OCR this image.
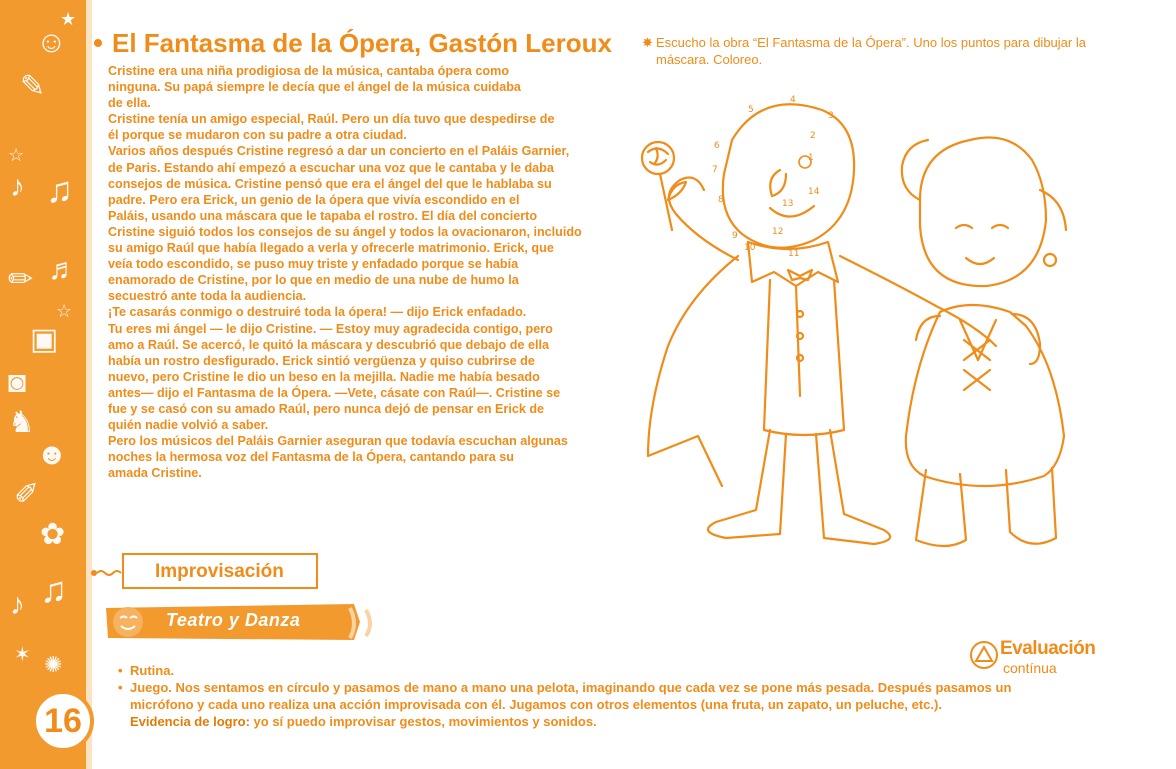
☺
★
✎
☆
♪ ♫
♬
✏
☆
▣
◙
♞
☻
✐
✿
♫
♪
✶ ✺
16
El Fantasma de la Ópera, Gastón Leroux

Cristine era una niña prodigiosa de la música, cantaba ópera como

ninguna. Su papá siempre le decía que el ángel de la música cuidaba

de ella.

Cristine tenía un amigo especial, Raúl. Pero un día tuvo que despedirse de

él porque se mudaron con su padre a otra ciudad.

Varios años después Cristine regresó a dar un concierto en el Paláis Garnier,

de Paris. Estando ahí empezó a escuchar una voz que le cantaba y le daba

consejos de música. Cristine pensó que era el ángel del que le hablaba su

padre. Pero era Erick, un genio de la ópera que vivía escondido en el

Paláis, usando una máscara que le tapaba el rostro. El día del concierto

Cristine siguió todos los consejos de su ángel y todos la ovacionaron, incluido

su amigo Raúl que había llegado a verla y ofrecerle matrimonio. Erick, que

veía todo escondido, se puso muy triste y enfadado porque se había

enamorado de Cristine, por lo que en medio de una nube de humo la

secuestró ante toda la audiencia.

¡Te casarás conmigo o destruiré toda la ópera! — dijo Erick enfadado.

Tu eres mi ángel — le dijo Cristine. — Estoy muy agradecida contigo, pero

amo a Raúl. Se acercó, le quitó la máscara y descubrió que debajo de ella

había un rostro desfigurado. Erick sintió vergüenza y quiso cubrirse de

nuevo, pero Cristine le dio un beso en la mejilla. Nadie me había besado

antes— dijo el Fantasma de la Ópera. —Vete, cásate con Raúl—. Cristine se

fue y se casó con su amado Raúl, pero nunca dejó de pensar en Erick de

quién nadie volvió a saber.

Pero los músicos del Paláis Garnier aseguran que todavía escuchan algunas

noches la hermosa voz del Fantasma de la Ópera, cantando para su

amada Cristine.

✸ Escucho la obra “El Fantasma de la Ópera”. Uno los puntos para dibujar la máscara. Coloreo.
1
2
3
4
5
6
7
8
9
10
11
12
13
14
Improvisación
Teatro y Danza
Evaluación
contínua
• Rutina.
• Juego. Nos sentamos en círculo y pasamos de mano a mano una pelota, imaginando que cada vez se pone más pesada. Después pasamos un
micrófono y cada uno realiza una acción improvisada con él. Jugamos con otros elementos (una fruta, un zapato, un peluche, etc.).
Evidencia de logro: yo sí puedo improvisar gestos, movimientos y sonidos.
